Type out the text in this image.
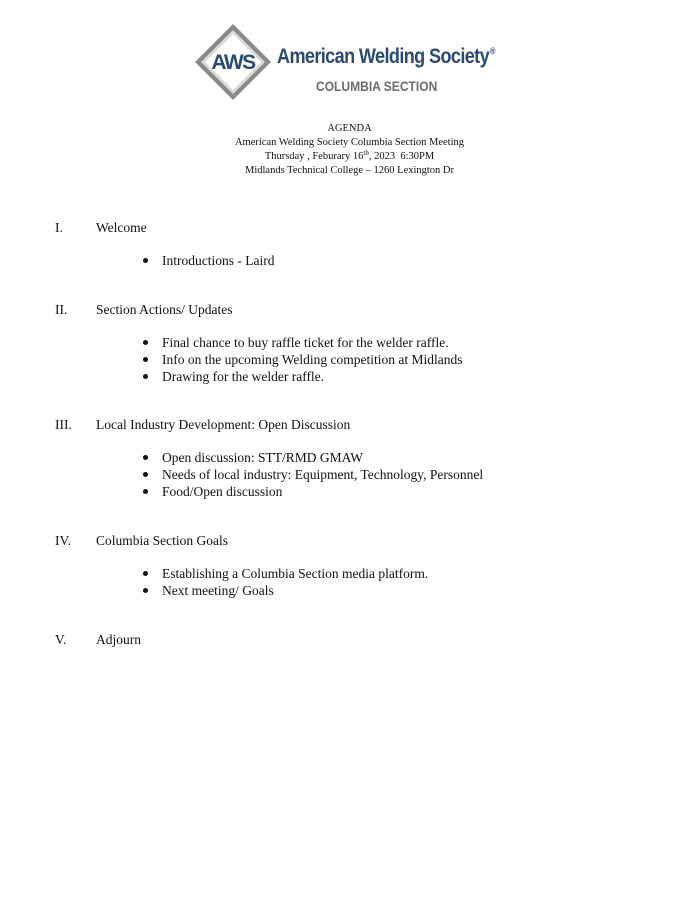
AWS American Welding Society®
COLUMBIA SECTION
AGENDA
American Welding Society Columbia Section Meeting
Thursday , Feburary 16th, 2023  6:30PM
Midlands Technical College – 1260 Lexington Dr
I. Welcome
Introductions - Laird
II. Section Actions/ Updates
Final chance to buy raffle ticket for the welder raffle.
Info on the upcoming Welding competition at Midlands
Drawing for the welder raffle.
III. Local Industry Development: Open Discussion
Open discussion: STT/RMD GMAW
Needs of local industry: Equipment, Technology, Personnel
Food/Open discussion
IV. Columbia Section Goals
Establishing a Columbia Section media platform.
Next meeting/ Goals
V. Adjourn
